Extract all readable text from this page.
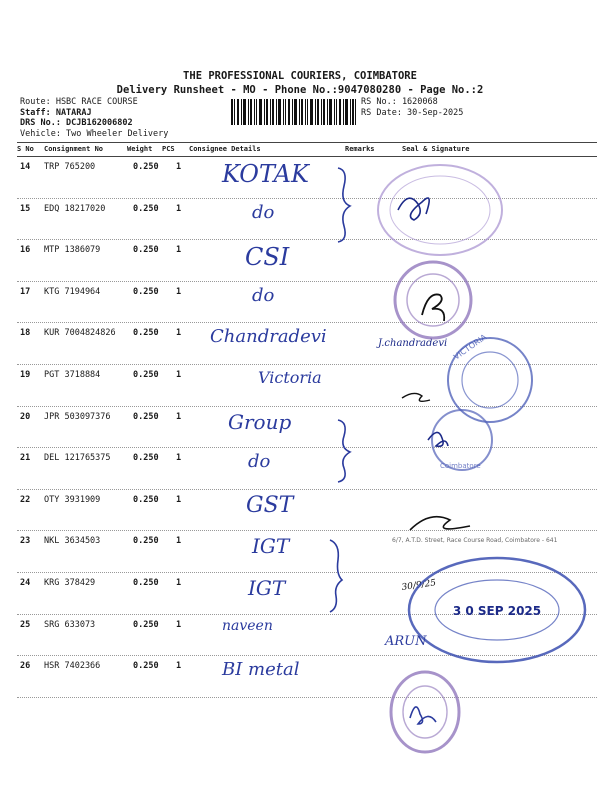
THE PROFESSIONAL COURIERS, COIMBATORE
Delivery Runsheet - MO - Phone No.:9047080280 - Page No.:2
Route: HSBC RACE COURSE
Staff: NATARAJ
DRS No.: DCJB162006802
Vehicle: Two Wheeler Delivery
RS No.: 1620068
RS Date: 30-Sep-2025
S No Consignment No	Weight PCS Consignee Details	Remarks	Seal & Signature
14 TRP 765200	0.250 1 KOTAK
15 EDQ 18217020	0.250 1	do
16 MTP 1386079	0.250 1	CSI
17 KTG 7194964	0.250 1	do
18 KUR 7004824826 0.250 1 Chandradevi
19 PGT 3718884	0.250 1	Victoria
20 JPR 503097376	0.250 1 Group
21 DEL 121765375	0.250 1	do
22 OTY 3931909	0.250 1	GST
23 NKL 3634503	0.250 1	IGT
24 KRG 378429	0.250 1	IGT
25 SRG 633073	0.250 1	naveen
26 HSR 7402366	0.250 1 BI metal
J.chandradevi VICTORIA
Coimbatore
6/7, A.T.D. Street, Race Course Road, Coimbatore - 641
30/9/25
3 0 SEP 2025
ARUN
